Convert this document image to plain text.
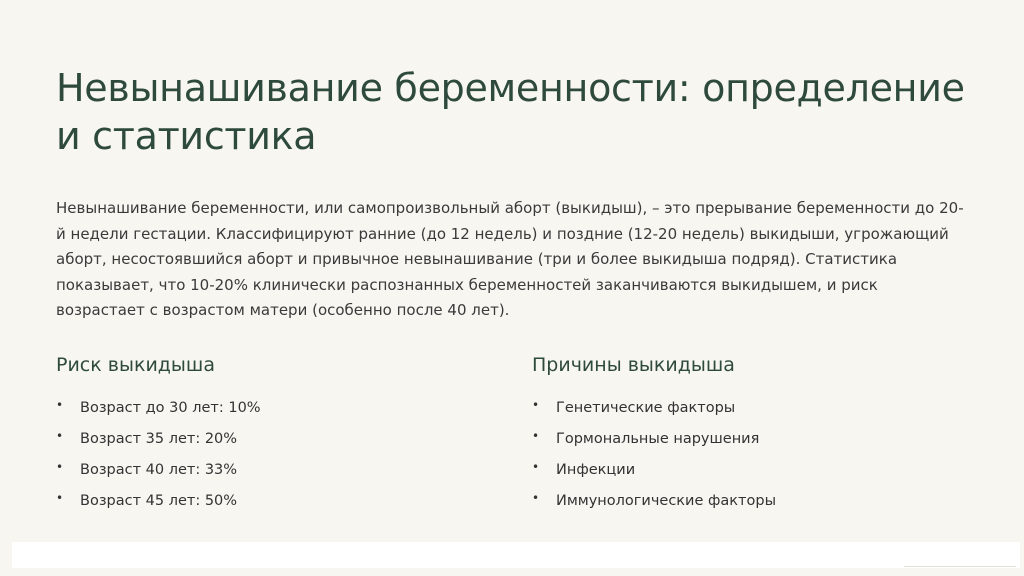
Невынашивание беременности: определение и статистика

Невынашивание беременности, или самопроизвольный аборт (выкидыш), – это прерывание беременности до 20-й недели гестации. Классифицируют ранние (до 12 недель) и поздние (12-20 недель) выкидыши, угрожающий аборт, несостоявшийся аборт и привычное невынашивание (три и более выкидыша подряд). Статистика показывает, что 10-20% клинически распознанных беременностей заканчиваются выкидышем, и риск возрастает с возрастом матери (особенно после 40 лет).

Риск выкидыша
• Возраст до 30 лет: 10%
• Возраст 35 лет: 20%
• Возраст 40 лет: 33%
• Возраст 45 лет: 50%
Причины выкидыша
• Генетические факторы
• Гормональные нарушения
• Инфекции
• Иммунологические факторы
